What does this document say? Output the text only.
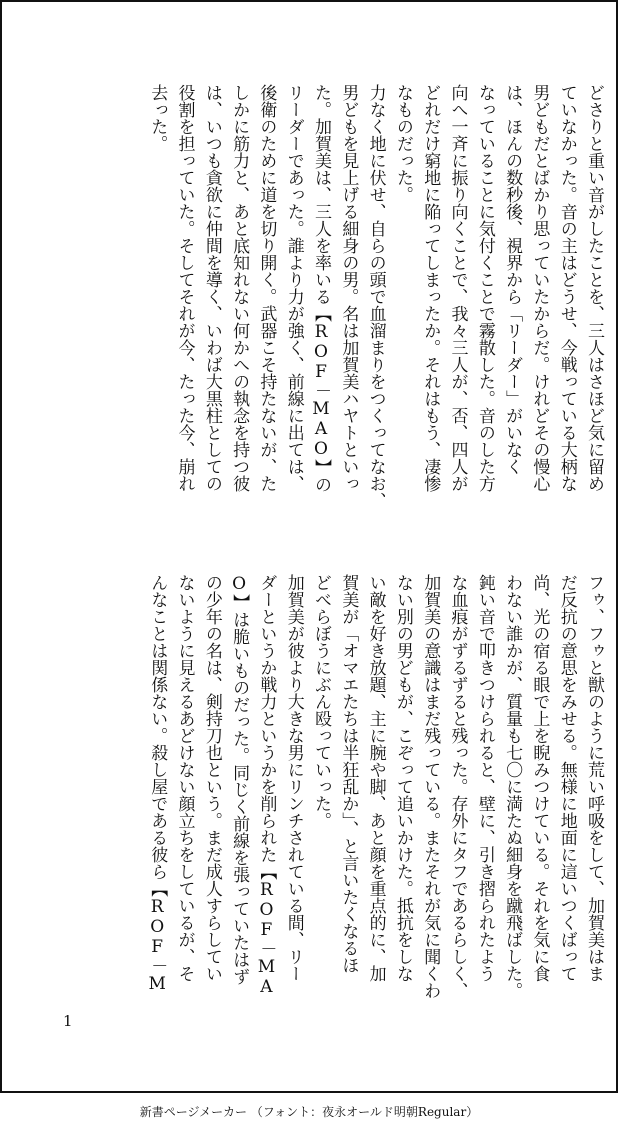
どさりと重い音がしたことを、三人はさほど気に留め
ていなかった。音の主はどうせ、今戦っている大柄な
男どもだとばかり思っていたからだ。けれどその慢心
は、ほんの数秒後、視界から「リーダー」がいなく
なっていることに気付くことで霧散した。音のした方
向へ一斉に振り向くことで、我々三人が、否、四人が
どれだけ窮地に陥ってしまったか。それはもう、凄惨
なものだった。
力なく地に伏せ、自らの頭で血溜まりをつくってなお、
男どもを見上げる細身の男。名は加賀美ハヤトといっ
た。加賀美は、三人を率いる【ROF－MAO】の
リーダーであった。誰より力が強く、前線に出ては、
後衛のために道を切り開く。武器こそ持たないが、た
しかに筋力と、あと底知れない何かへの執念を持つ彼
は、いつも貪欲に仲間を導く、いわば大黒柱としての
役割を担っていた。そしてそれが今、たった今、崩れ
去った。
フゥ、フゥと獣のように荒い呼吸をして、加賀美はま
だ反抗の意思をみせる。無様に地面に這いつくばって
尚、光の宿る眼で上を睨みつけている。それを気に食
わない誰かが、質量も七〇に満たぬ細身を蹴飛ばした。
鈍い音で叩きつけられると、壁に、引き摺られたよう
な血痕がずるずると残った。存外にタフであるらしく、
加賀美の意識はまだ残っている。またそれが気に聞くわ
ない別の男どもが、こぞって追いかけた。抵抗をしな
い敵を好き放題、主に腕や脚、あと顔を重点的に、加
賀美が「オマエたちは半狂乱か」、と言いたくなるほ
どべらぼうにぶん殴っていった。
加賀美が彼より大きな男にリンチされている間、リー
ダーというか戦力というかを削られた【ROF－MA
O】は脆いものだった。同じく前線を張っていたはず
の少年の名は、剣持刀也という。まだ成人すらしてい
ないように見えるあどけない顔立ちをしているが、そ
んなことは関係ない。殺し屋である彼ら【ROF－M
1
新書ページメーカー （フォント：夜永オールド明朝Regular）
